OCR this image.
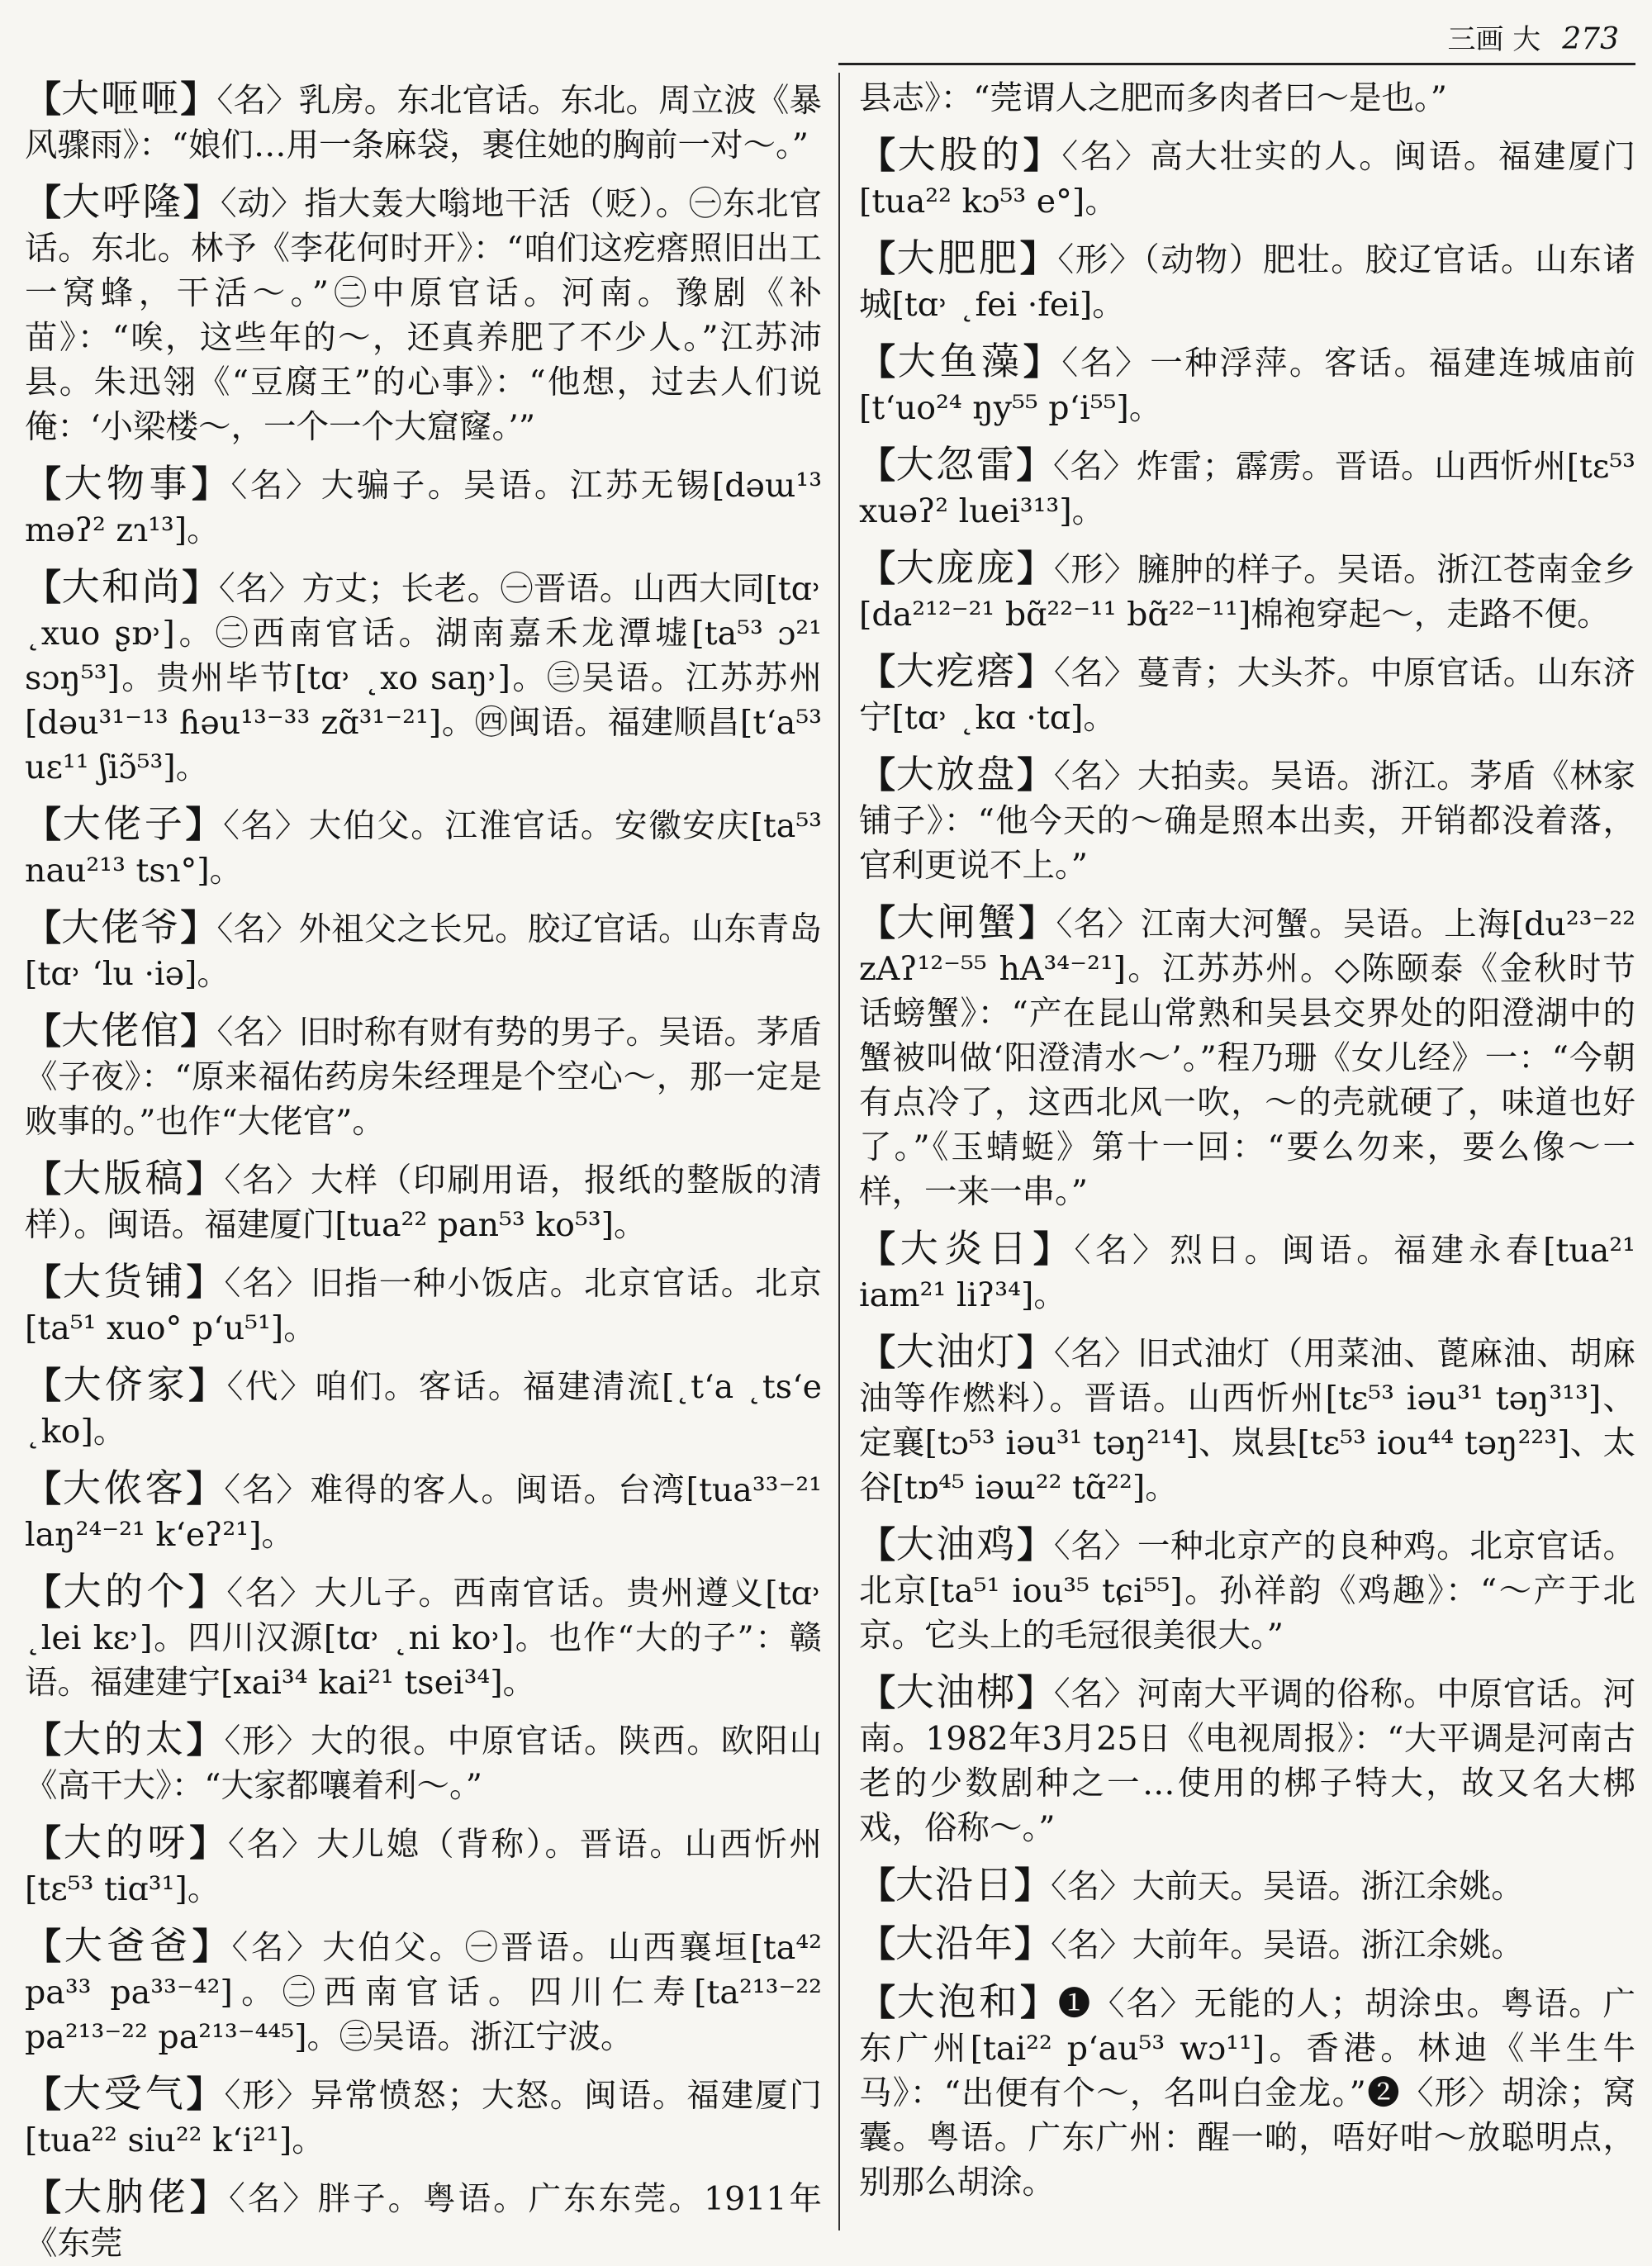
三画 大 273
【大咂咂】〈名〉乳房。东北官话。东北。周立波《暴风骤雨》：“娘们…用一条麻袋，裹住她的胸前一对～。”
【大呼隆】〈动〉指大轰大嗡地干活（贬）。㊀东北官话。东北。林予《李花何时开》：“咱们这疙瘩照旧出工一窝蜂，干活～。”㊁中原官话。河南。豫剧《补苗》：“唉，这些年的～，还真养肥了不少人。”江苏沛县。朱迅翎《“豆腐王”的心事》：“他想，过去人们说俺：‘小梁楼～，一个一个大窟窿。’”
【大物事】〈名〉大骗子。吴语。江苏无锡[dəɯ¹³ məʔ² zɿ¹³]。
【大和尚】〈名〉方丈；长老。㊀晋语。山西大同[tɑ˒ ˛xuo ʂɒ˒]。㊁西南官话。湖南嘉禾龙潭墟[ta⁵³ ɔ²¹ sɔŋ⁵³]。贵州毕节[tɑ˒ ˛xo saŋ˒]。㊂吴语。江苏苏州[dəu³¹⁻¹³ ɦəu¹³⁻³³ zɑ̃³¹⁻²¹]。㊃闽语。福建顺昌[t‘a⁵³ uɛ¹¹ ʃiɔ̃⁵³]。
【大佬子】〈名〉大伯父。江淮官话。安徽安庆[ta⁵³ nau²¹³ tsɿ°]。
【大佬爷】〈名〉外祖父之长兄。胶辽官话。山东青岛[tɑ˒ ‘lu ·iə]。
【大佬倌】〈名〉旧时称有财有势的男子。吴语。茅盾《子夜》：“原来福佑药房朱经理是个空心～，那一定是败事的。”也作“大佬官”。
【大版稿】〈名〉大样（印刷用语，报纸的整版的清样）。闽语。福建厦门[tua²² pan⁵³ ko⁵³]。
【大货铺】〈名〉旧指一种小饭店。北京官话。北京[ta⁵¹ xuo° p‘u⁵¹]。
【大侪家】〈代〉咱们。客话。福建清流[˛t‘a ˛ts‘e ˛ko]。
【大侬客】〈名〉难得的客人。闽语。台湾[tua³³⁻²¹ laŋ²⁴⁻²¹ k‘eʔ²¹]。
【大的个】〈名〉大儿子。西南官话。贵州遵义[tɑ˒ ˛lei kɛ˒]。四川汉源[tɑ˒ ˛ni ko˒]。也作“大的子”：赣语。福建建宁[xai³⁴ kai²¹ tsei³⁴]。
【大的太】〈形〉大的很。中原官话。陕西。欧阳山《高干大》：“大家都嚷着利～。”
【大的呀】〈名〉大儿媳（背称）。晋语。山西忻州[tɛ⁵³ tiɑ³¹]。
【大爸爸】〈名〉大伯父。㊀晋语。山西襄垣[ta⁴² pa³³ pa³³⁻⁴²]。㊁西南官话。四川仁寿[ta²¹³⁻²² pa²¹³⁻²² pa²¹³⁻⁴⁴⁵]。㊂吴语。浙江宁波。
【大受气】〈形〉异常愤怒；大怒。闽语。福建厦门[tua²² siu²² k‘i²¹]。
【大肭佬】〈名〉胖子。粤语。广东东莞。1911年《东莞
县志》：“莞谓人之肥而多肉者曰～是也。”
【大股的】〈名〉高大壮实的人。闽语。福建厦门[tua²² kɔ⁵³ e°]。
【大肥肥】〈形〉（动物）肥壮。胶辽官话。山东诸城[tɑ˒ ˛fei ·fei]。
【大鱼藻】〈名〉一种浮萍。客话。福建连城庙前[t‘uo²⁴ ŋy⁵⁵ p‘i⁵⁵]。
【大忽雷】〈名〉炸雷；霹雳。晋语。山西忻州[tɛ⁵³ xuəʔ² luei³¹³]。
【大庞庞】〈形〉臃肿的样子。吴语。浙江苍南金乡[da²¹²⁻²¹ bɑ̃²²⁻¹¹ bɑ̃²²⁻¹¹]棉袍穿起～，走路不便。
【大疙瘩】〈名〉蔓青；大头芥。中原官话。山东济宁[tɑ˒ ˛kɑ ·tɑ]。
【大放盘】〈名〉大拍卖。吴语。浙江。茅盾《林家铺子》：“他今天的～确是照本出卖，开销都没着落，官利更说不上。”
【大闸蟹】〈名〉江南大河蟹。吴语。上海[du²³⁻²² zAʔ¹²⁻⁵⁵ hA³⁴⁻²¹]。江苏苏州。◇陈颐泰《金秋时节话螃蟹》：“产在昆山常熟和吴县交界处的阳澄湖中的蟹被叫做‘阳澄清水～’。”程乃珊《女儿经》一：“今朝有点冷了，这西北风一吹，～的壳就硬了，味道也好了。”《玉蜻蜓》第十一回：“要么勿来，要么像～一样，一来一串。”
【大炎日】〈名〉烈日。闽语。福建永春[tua²¹ iam²¹ liʔ³⁴]。
【大油灯】〈名〉旧式油灯（用菜油、蓖麻油、胡麻油等作燃料）。晋语。山西忻州[tɛ⁵³ iəu³¹ təŋ³¹³]、定襄[tɔ⁵³ iəu³¹ təŋ²¹⁴]、岚县[tɛ⁵³ iou⁴⁴ təŋ²²³]、太谷[tɒ⁴⁵ iəɯ²² tɑ̃²²]。
【大油鸡】〈名〉一种北京产的良种鸡。北京官话。北京[ta⁵¹ iou³⁵ tɕi⁵⁵]。孙祥韵《鸡趣》：“～产于北京。它头上的毛冠很美很大。”
【大油梆】〈名〉河南大平调的俗称。中原官话。河南。1982年3月25日《电视周报》：“大平调是河南古老的少数剧种之一…使用的梆子特大，故又名大梆戏，俗称～。”
【大沿日】〈名〉大前天。吴语。浙江余姚。
【大沿年】〈名〉大前年。吴语。浙江余姚。
【大泡和】❶〈名〉无能的人；胡涂虫。粤语。广东广州[tai²² p‘au⁵³ wɔ¹¹]。香港。林迪《半生牛马》：“出便有个～，名叫白金龙。”❷〈形〉胡涂；窝囊。粤语。广东广州：醒一啲，唔好咁～放聪明点，别那么胡涂。
